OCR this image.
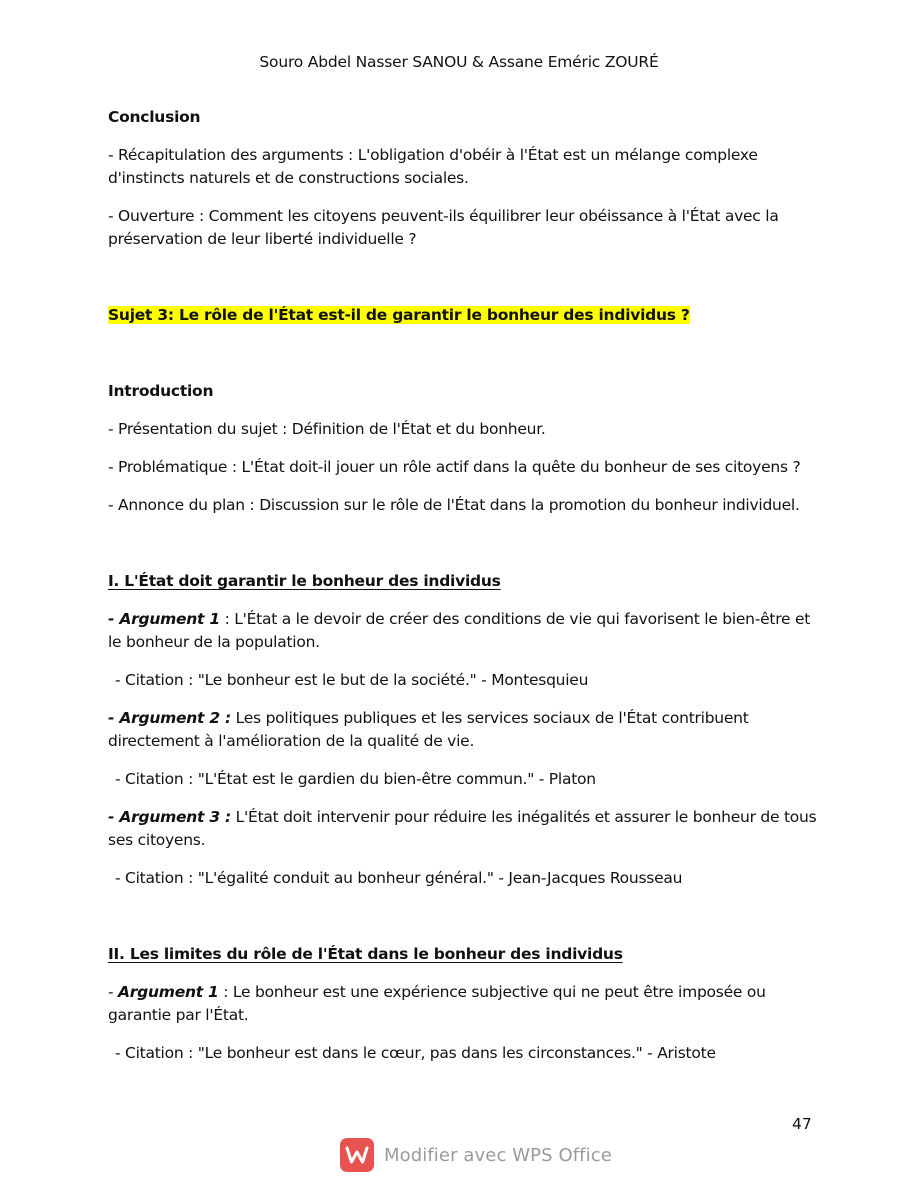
Souro Abdel Nasser SANOU & Assane Eméric ZOURÉ

Conclusion

- Récapitulation des arguments : L'obligation d'obéir à l'État est un mélange complexe d'instincts naturels et de constructions sociales.

- Ouverture : Comment les citoyens peuvent-ils équilibrer leur obéissance à l'État avec la préservation de leur liberté individuelle ?

Sujet 3: Le rôle de l'État est-il de garantir le bonheur des individus ?

Introduction

- Présentation du sujet : Définition de l'État et du bonheur.

- Problématique : L'État doit-il jouer un rôle actif dans la quête du bonheur de ses citoyens ?

- Annonce du plan : Discussion sur le rôle de l'État dans la promotion du bonheur individuel.

I. L'État doit garantir le bonheur des individus

- Argument 1 : L'État a le devoir de créer des conditions de vie qui favorisent le bien-être et le bonheur de la population.

- Citation : "Le bonheur est le but de la société." - Montesquieu

- Argument 2 : Les politiques publiques et les services sociaux de l'État contribuent directement à l'amélioration de la qualité de vie.

- Citation : "L'État est le gardien du bien-être commun." - Platon

- Argument 3 : L'État doit intervenir pour réduire les inégalités et assurer le bonheur de tous ses citoyens.

- Citation : "L'égalité conduit au bonheur général." - Jean-Jacques Rousseau

II. Les limites du rôle de l'État dans le bonheur des individus

- Argument 1 : Le bonheur est une expérience subjective qui ne peut être imposée ou garantie par l'État.

- Citation : "Le bonheur est dans le cœur, pas dans les circonstances." - Aristote

47
Modifier avec WPS Office
